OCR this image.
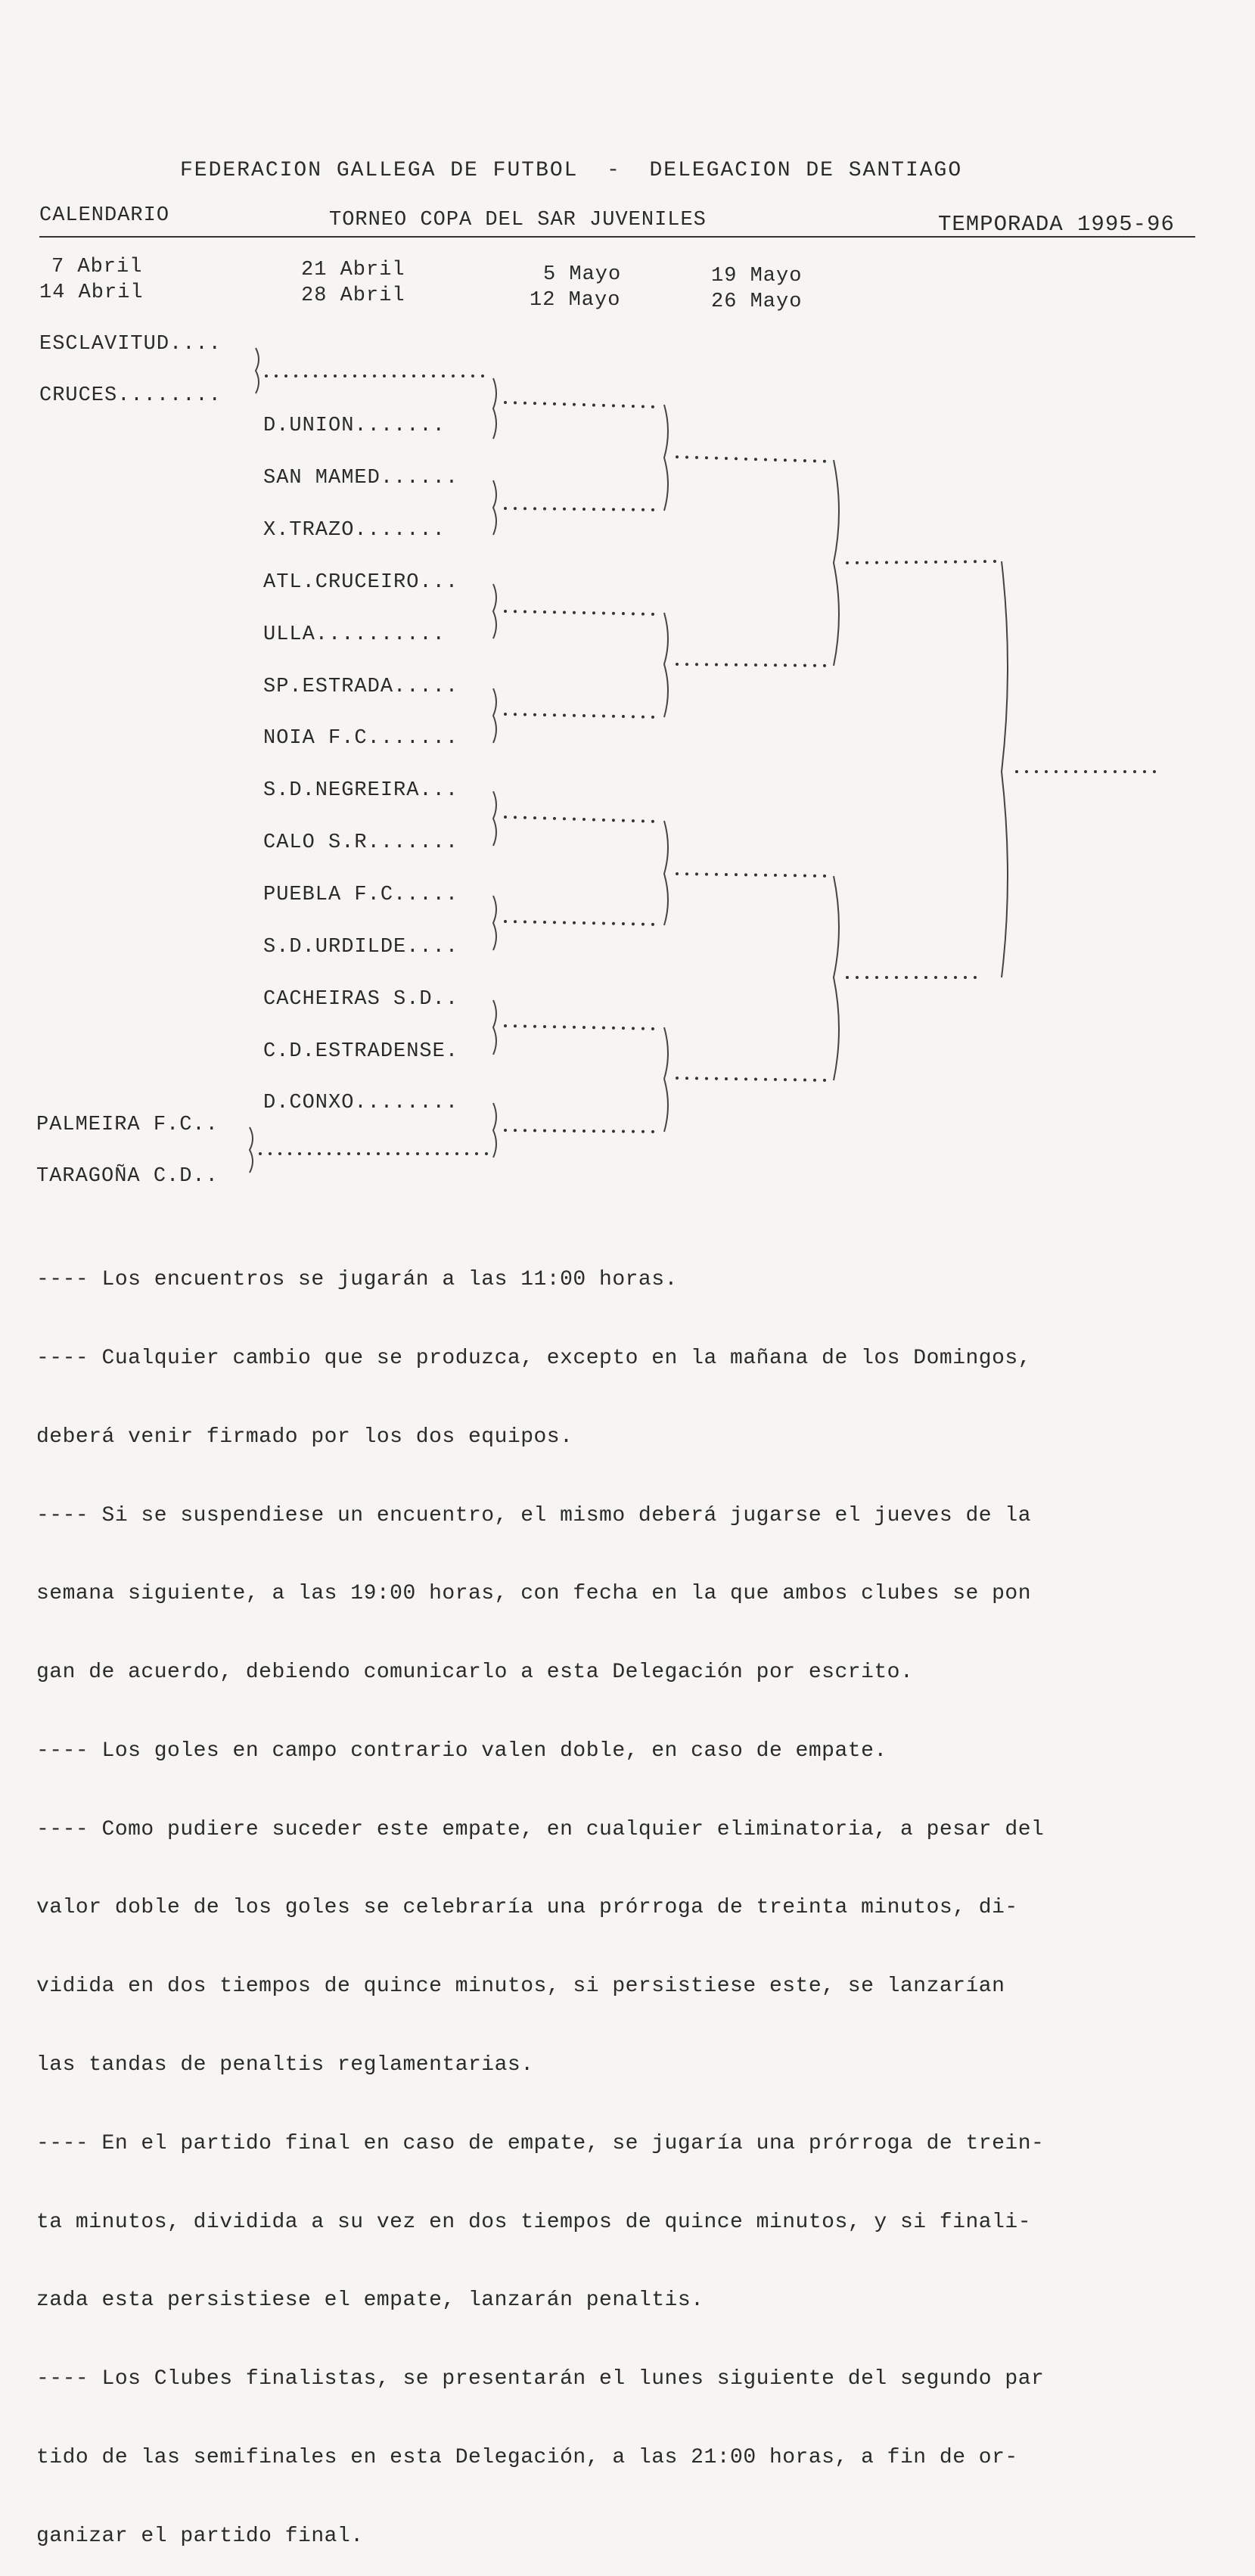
FEDERACION GALLEGA DE FUTBOL  -  DELEGACION DE SANTIAGO
CALENDARIO	TORNEO COPA DEL SAR JUVENILES	TEMPORADA 1995-96
7 Abril
14 Abril
21 Abril
28 Abril
5 Mayo
12 Mayo
19 Mayo
26 Mayo
ESCLAVITUD....
CRUCES........
PALMEIRA F.C..
TARAGOÑA C.D..
D.UNION.......
SAN MAMED......
X.TRAZO.......
ATL.CRUCEIRO...
ULLA..........
SP.ESTRADA.....
NOIA F.C.......
S.D.NEGREIRA...
CALO S.R.......
PUEBLA F.C.....
S.D.URDILDE....
CACHEIRAS S.D..
C.D.ESTRADENSE.
D.CONXO........

---- Los encuentros se jugarán a las 11:00 horas.

---- Cualquier cambio que se produzca, excepto en la mañana de los Domingos,

deberá venir firmado por los dos equipos.

---- Si se suspendiese un encuentro, el mismo deberá jugarse el jueves de la

semana siguiente, a las 19:00 horas, con fecha en la que ambos clubes se pon

gan de acuerdo, debiendo comunicarlo a esta Delegación por escrito.

---- Los goles en campo contrario valen doble, en caso de empate.

---- Como pudiere suceder este empate, en cualquier eliminatoria, a pesar del

valor doble de los goles se celebraría una prórroga de treinta minutos, di-

vidida en dos tiempos de quince minutos, si persistiese este, se lanzarían

las tandas de penaltis reglamentarias.

---- En el partido final en caso de empate, se jugaría una prórroga de trein-

ta minutos, dividida a su vez en dos tiempos de quince minutos, y si finali-

zada esta persistiese el empate, lanzarán penaltis.

---- Los Clubes finalistas, se presentarán el lunes siguiente del segundo par

tido de las semifinales en esta Delegación, a las 21:00 horas, a fin de or-

ganizar el partido final.
